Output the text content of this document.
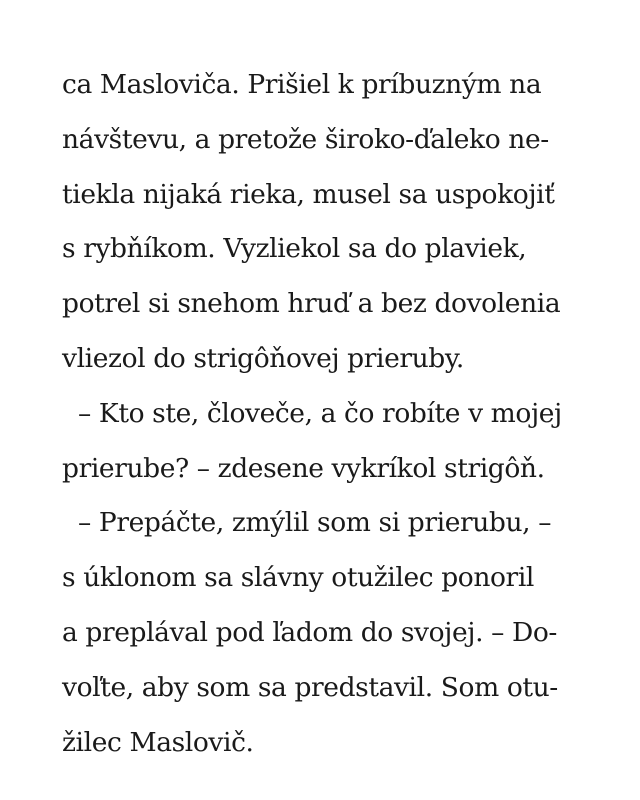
ca Masloviča. Prišiel k príbuzným na
návštevu, a pretože široko-ďaleko ne-
tiekla nijaká rieka, musel sa uspokojiť
s rybňíkom. Vyzliekol sa do plaviek,
potrel si snehom hruď a bez dovolenia
vliezol do strigôňovej prieruby.
– Kto ste, človeče, a čo robíte v mojej
prierube? – zdesene vykríkol strigôň.
– Prepáčte, zmýlil som si prierubu, –
s úklonom sa slávny otužilec ponoril
a preplával pod ľadom do svojej. – Do-
voľte, aby som sa predstavil. Som otu-
žilec Maslovič.
